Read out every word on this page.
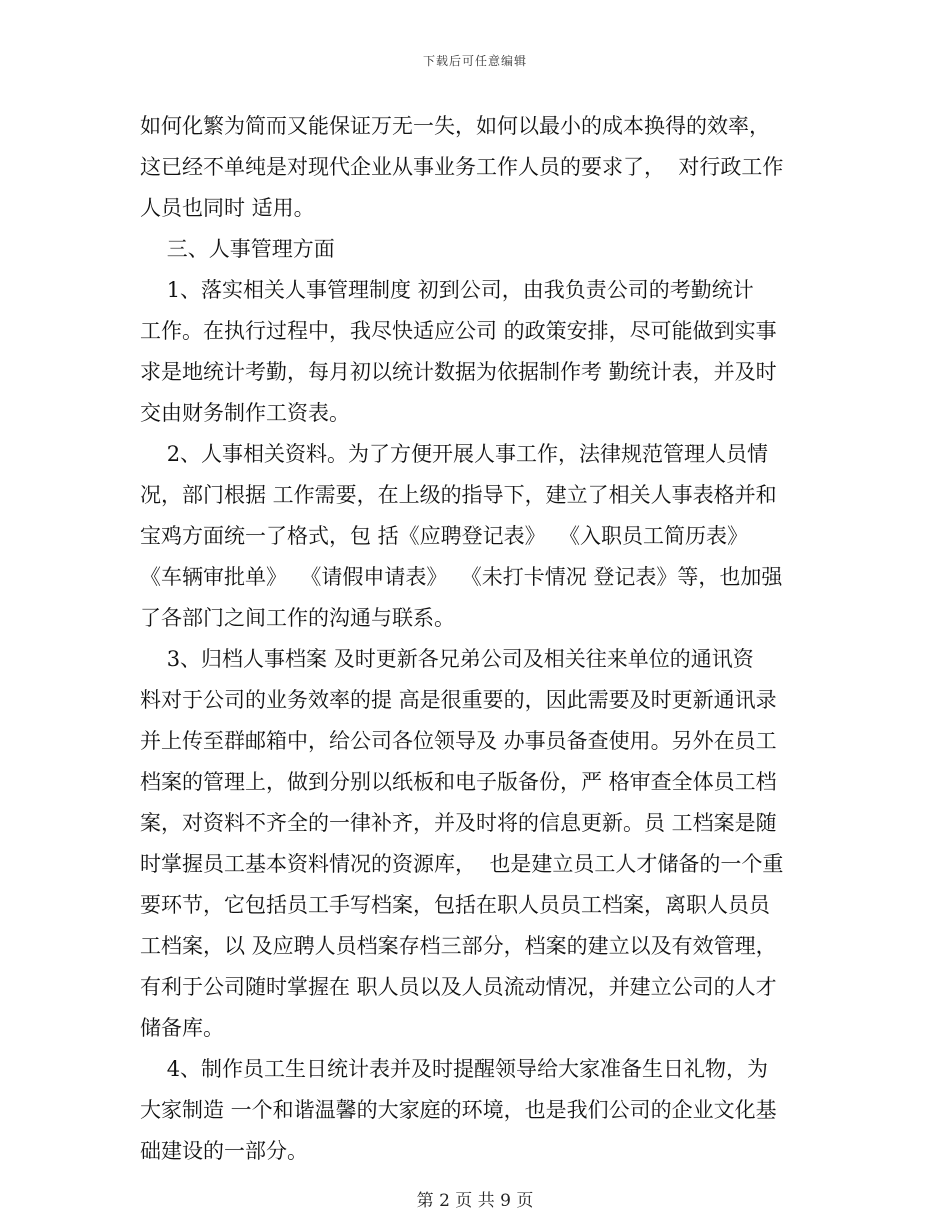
下载后可任意编辑
如何化繁为简而又能保证万无一失，如何以最小的成本换得的效率，
这已经不单纯是对现代企业从事业务工作人员的要求了，  对行政工作
人员也同时 适用。
三、人事管理方面
1、落实相关人事管理制度 初到公司，由我负责公司的考勤统计
工作。在执行过程中，我尽快适应公司 的政策安排，尽可能做到实事
求是地统计考勤，每月初以统计数据为依据制作考 勤统计表，并及时
交由财务制作工资表。
2、人事相关资料。为了方便开展人事工作，法律规范管理人员情
况，部门根据 工作需要，在上级的指导下，建立了相关人事表格并和
宝鸡方面统一了格式，包 括《应聘登记表》  《入职员工简历表》
《车辆审批单》  《请假申请表》  《未打卡情况 登记表》等，也加强
了各部门之间工作的沟通与联系。
3、归档人事档案 及时更新各兄弟公司及相关往来单位的通讯资
料对于公司的业务效率的提 高是很重要的，因此需要及时更新通讯录
并上传至群邮箱中，给公司各位领导及 办事员备查使用。另外在员工
档案的管理上，做到分别以纸板和电子版备份，严 格审查全体员工档
案，对资料不齐全的一律补齐，并及时将的信息更新。员 工档案是随
时掌握员工基本资料情况的资源库，  也是建立员工人才储备的一个重
要环节，它包括员工手写档案，包括在职人员员工档案，离职人员员
工档案，以 及应聘人员档案存档三部分，档案的建立以及有效管理，
有利于公司随时掌握在 职人员以及人员流动情况，并建立公司的人才
储备库。
4、制作员工生日统计表并及时提醒领导给大家准备生日礼物，为
大家制造 一个和谐温馨的大家庭的环境，也是我们公司的企业文化基
础建设的一部分。
第 2 页 共 9 页
